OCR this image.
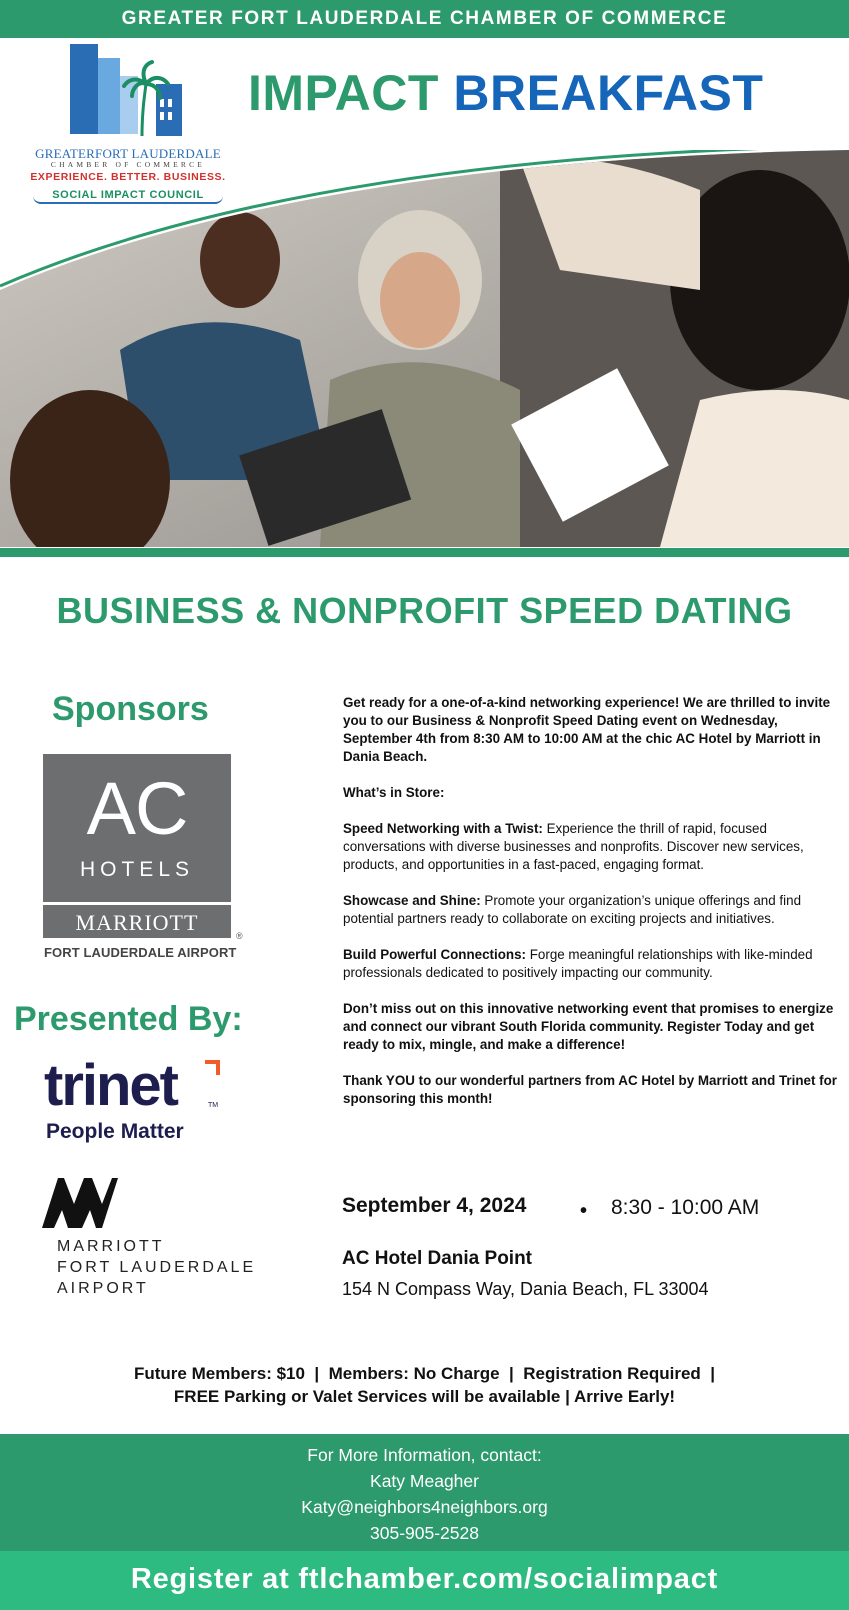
GREATER FORT LAUDERDALE CHAMBER OF COMMERCE
GREATERFORT LAUDERDALE
CHAMBER OF COMMERCE
EXPERIENCE. BETTER. BUSINESS.
SOCIAL IMPACT COUNCIL
IMPACT BREAKFAST
BUSINESS & NONPROFIT SPEED DATING
Sponsors
AC
HOTELS
MARRIOTT
®
FORT LAUDERDALE AIRPORT
Presented By:
trinet	TM
People Matter
MARRIOTT
FORT LAUDERDALE
AIRPORT

Get ready for a one-of-a-kind networking experience! We are thrilled to invite you to our Business & Nonprofit Speed Dating event on Wednesday, September 4th from 8:30 AM to 10:00 AM at the chic AC Hotel by Marriott in Dania Beach.

What’s in Store:

Speed Networking with a Twist: Experience the thrill of rapid, focused conversations with diverse businesses and nonprofits. Discover new services, products, and opportunities in a fast-paced, engaging format.

Showcase and Shine: Promote your organization’s unique offerings and find potential partners ready to collaborate on exciting projects and initiatives.

Build Powerful Connections: Forge meaningful relationships with like-minded professionals dedicated to positively impacting our community.

Don’t miss out on this innovative networking event that promises to energize and connect our vibrant South Florida community. Register Today and get ready to mix, mingle, and make a difference!

Thank YOU to our wonderful partners from AC Hotel by Marriott and Trinet for sponsoring this month!

September 4, 2024	• 8:30 - 10:00 AM
AC Hotel Dania Point
154 N Compass Way, Dania Beach, FL 33004
Future Members: $10  |  Members: No Charge  |  Registration Required  |
FREE Parking or Valet Services will be available | Arrive Early!
For More Information, contact:
Katy Meagher
Katy@neighbors4neighbors.org
305-905-2528
Register at ftlchamber.com/socialimpact
